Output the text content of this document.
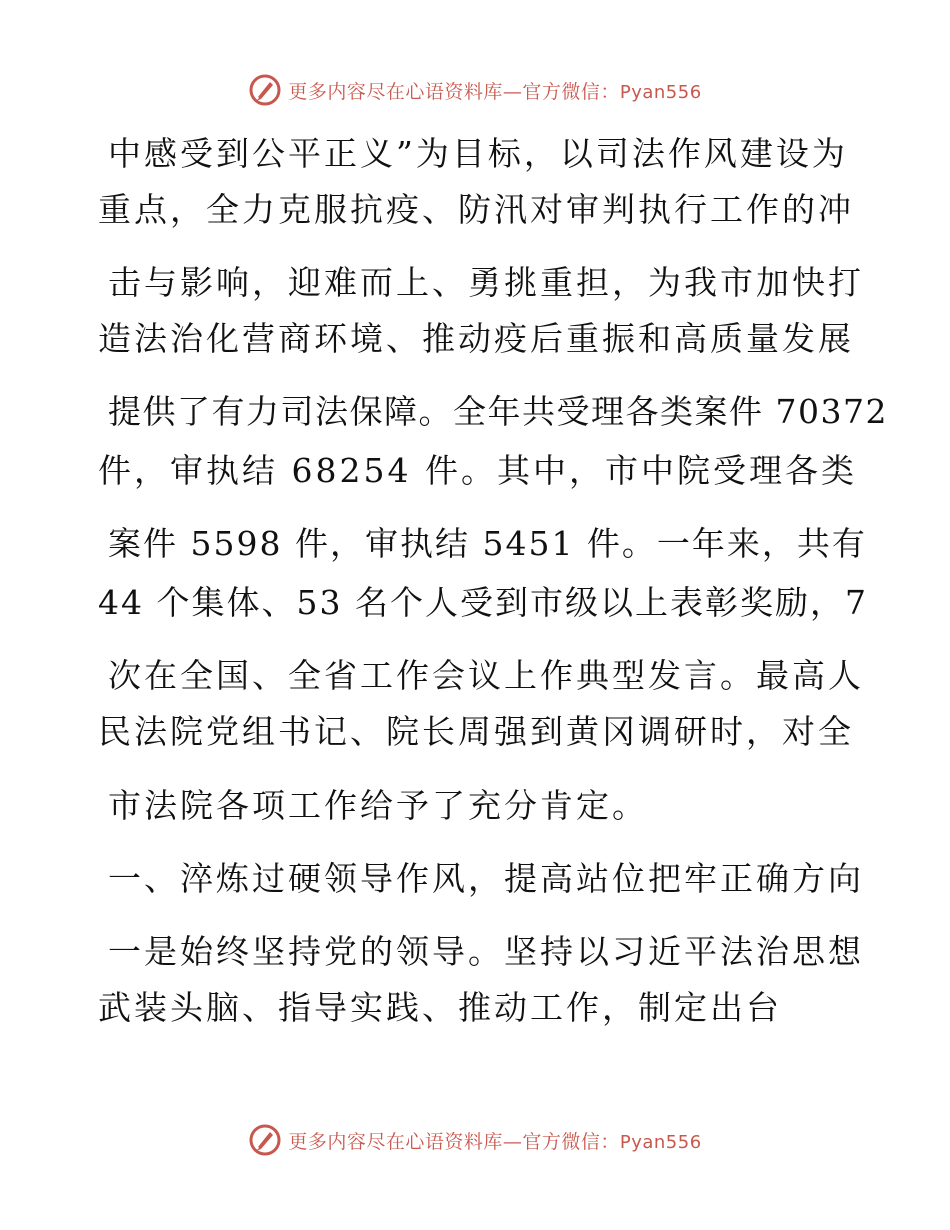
更多内容尽在心语资料库—官方微信：Pyan556
中感受到公平正义”为目标，以司法作风建设为
重点，全力克服抗疫、防汛对审判执行工作的冲
击与影响，迎难而上、勇挑重担，为我市加快打
造法治化营商环境、推动疫后重振和高质量发展
提供了有力司法保障。全年共受理各类案件 70372
件，审执结 68254 件。其中，市中院受理各类
案件 5598 件，审执结 5451 件。一年来，共有
44 个集体、53 名个人受到市级以上表彰奖励，7
次在全国、全省工作会议上作典型发言。最高人
民法院党组书记、院长周强到黄冈调研时，对全
市法院各项工作给予了充分肯定。
一、淬炼过硬领导作风，提高站位把牢正确方向
一是始终坚持党的领导。坚持以习近平法治思想
武装头脑、指导实践、推动工作，制定出台
更多内容尽在心语资料库—官方微信：Pyan556
